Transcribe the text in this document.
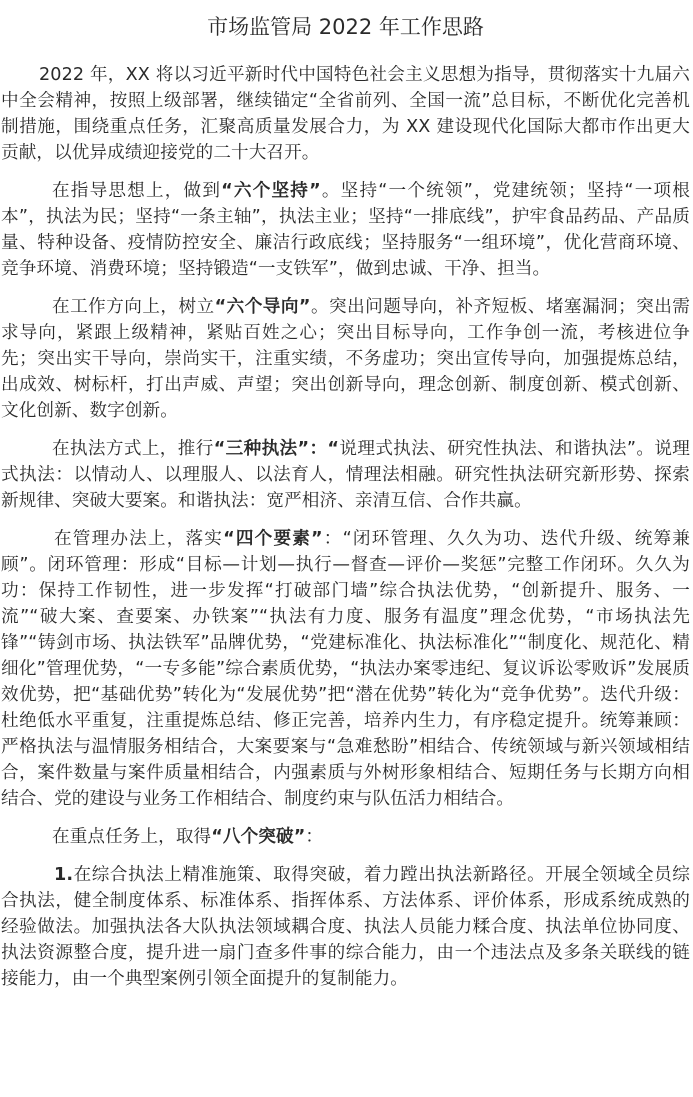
市场监管局 2022 年工作思路

2022 年，XX 将以习近平新时代中国特色社会主义思想为指导，贯彻落实十九届六中全会精神，按照上级部署，继续锚定“全省前列、全国一流”总目标，不断优化完善机制措施，围绕重点任务，汇聚高质量发展合力，为 XX 建设现代化国际大都市作出更大贡献，以优异成绩迎接党的二十大召开。

在指导思想上，做到“六个坚持”。坚持“一个统领”，党建统领；坚持“一项根本”，执法为民；坚持“一条主轴”，执法主业；坚持“一排底线”，护牢食品药品、产品质量、特种设备、疫情防控安全、廉洁行政底线；坚持服务“一组环境”，优化营商环境、竞争环境、消费环境；坚持锻造“一支铁军”，做到忠诚、干净、担当。

在工作方向上，树立“六个导向”。突出问题导向，补齐短板、堵塞漏洞；突出需求导向，紧跟上级精神，紧贴百姓之心；突出目标导向，工作争创一流，考核进位争先；突出实干导向，崇尚实干，注重实绩，不务虚功；突出宣传导向，加强提炼总结，出成效、树标杆，打出声威、声望；突出创新导向，理念创新、制度创新、模式创新、文化创新、数字创新。

在执法方式上，推行“三种执法”：“说理式执法、研究性执法、和谐执法”。说理式执法：以情动人、以理服人、以法育人，情理法相融。研究性执法研究新形势、探索新规律、突破大要案。和谐执法：宽严相济、亲清互信、合作共赢。

在管理办法上，落实“四个要素”：“闭环管理、久久为功、迭代升级、统筹兼顾”。闭环管理：形成“目标—计划—执行—督查—评价—奖惩”完整工作闭环。久久为功：保持工作韧性，进一步发挥“打破部门墙”综合执法优势，“创新提升、服务、一流”“破大案、查要案、办铁案”“执法有力度、服务有温度”理念优势，“市场执法先锋”“铸剑市场、执法铁军”品牌优势，“党建标准化、执法标准化”“制度化、规范化、精细化”管理优势，“一专多能”综合素质优势，“执法办案零违纪、复议诉讼零败诉”发展质效优势，把“基础优势”转化为“发展优势”把“潜在优势”转化为“竞争优势”。迭代升级：杜绝低水平重复，注重提炼总结、修正完善，培养内生力，有序稳定提升。统筹兼顾：严格执法与温情服务相结合，大案要案与“急难愁盼”相结合、传统领域与新兴领域相结合，案件数量与案件质量相结合，内强素质与外树形象相结合、短期任务与长期方向相结合、党的建设与业务工作相结合、制度约束与队伍活力相结合。

在重点任务上，取得“八个突破”：

1.在综合执法上精准施策、取得突破，着力蹚出执法新路径。开展全领域全员综合执法，健全制度体系、标准体系、指挥体系、方法体系、评价体系，形成系统成熟的经验做法。加强执法各大队执法领域耦合度、执法人员能力糅合度、执法单位协同度、执法资源整合度，提升进一扇门查多件事的综合能力，由一个违法点及多条关联线的链接能力，由一个典型案例引领全面提升的复制能力。
